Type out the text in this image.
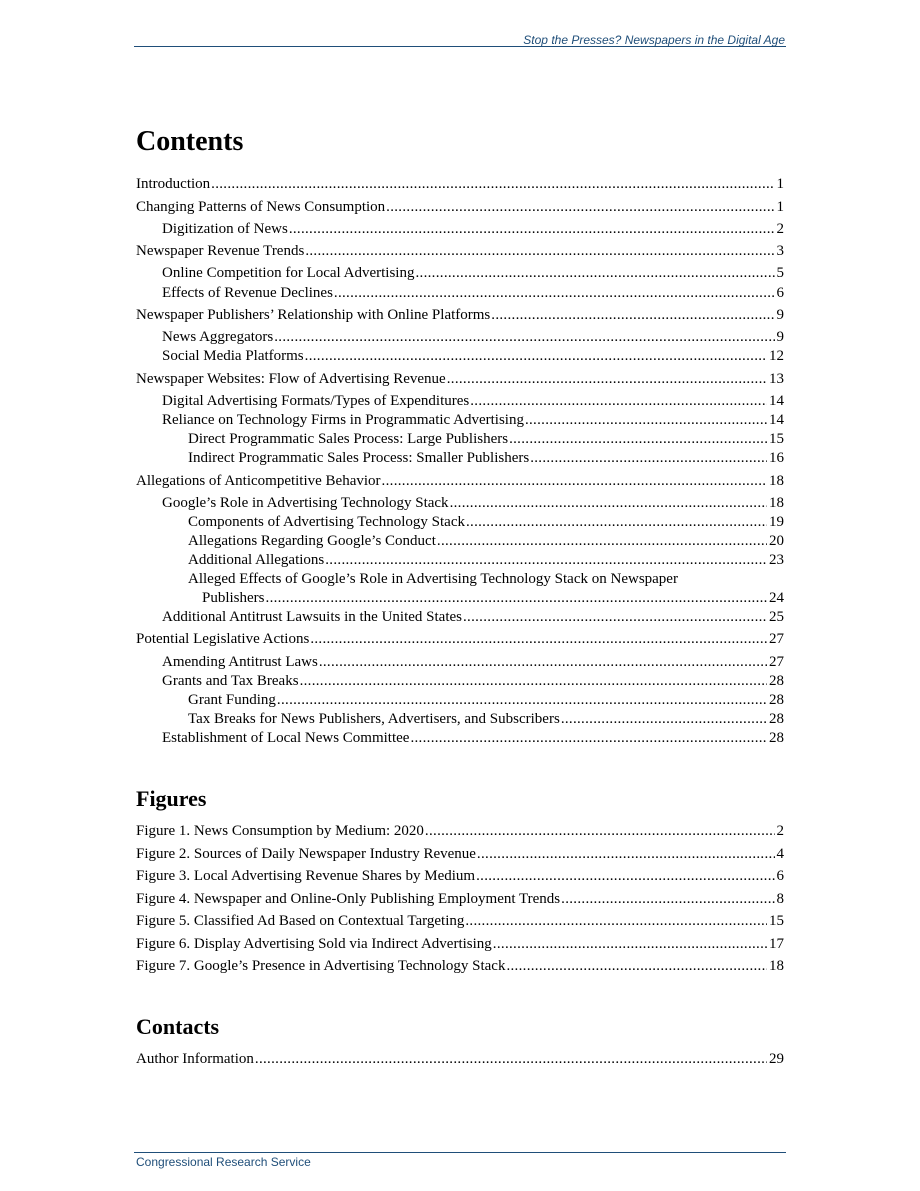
Stop the Presses? Newspapers in the Digital Age
Contents
Introduction .....	1
Changing Patterns of News Consumption .....	1
Digitization of News .....	2
Newspaper Revenue Trends .....	3
Online Competition for Local Advertising .....	5
Effects of Revenue Declines .....	6
Newspaper Publishers’ Relationship with Online Platforms .....	9
News Aggregators .....	9
Social Media Platforms .....	12
Newspaper Websites: Flow of Advertising Revenue .....	13
Digital Advertising Formats/Types of Expenditures .....	14
Reliance on Technology Firms in Programmatic Advertising .....	14
Direct Programmatic Sales Process: Large Publishers .....	15
Indirect Programmatic Sales Process: Smaller Publishers .....	16
Allegations of Anticompetitive Behavior .....	18
Google’s Role in Advertising Technology Stack .....	18
Components of Advertising Technology Stack .....	19
Allegations Regarding Google’s Conduct .....	20
Additional Allegations .....	23
Alleged Effects of Google’s Role in Advertising Technology Stack on Newspaper
Publishers .....	24
Additional Antitrust Lawsuits in the United States .....	25
Potential Legislative Actions .....	27
Amending Antitrust Laws .....	27
Grants and Tax Breaks .....	28
Grant Funding .....	28
Tax Breaks for News Publishers, Advertisers, and Subscribers .....	28
Establishment of Local News Committee .....	28
Figures
Figure 1. News Consumption by Medium: 2020 .....	2
Figure 2. Sources of Daily Newspaper Industry Revenue .....	4
Figure 3. Local Advertising Revenue Shares by Medium .....	6
Figure 4. Newspaper and Online-Only Publishing Employment Trends .....	8
Figure 5. Classified Ad Based on Contextual Targeting .....	15
Figure 6. Display Advertising Sold via Indirect Advertising .....	17
Figure 7. Google’s Presence in Advertising Technology Stack .....	18
Contacts
Author Information .....	29
Congressional Research Service
